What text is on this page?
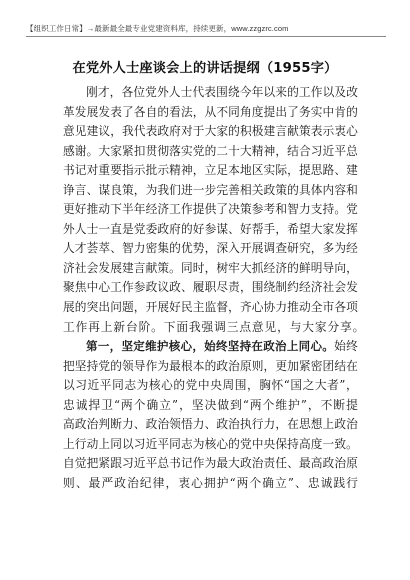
【组织工作日常】→最新最全最专业党建资料库，持续更新，www.zzgzrc.com
在党外人士座谈会上的讲话提纲（1955字）
刚 才 ， 各 位 党 外 人 士 代 表 围 绕 今 年 以 来 的 工 作 以 及 改
革 发 展 发 表 了 各 自 的 看 法 ， 从 不 同 角 度 提 出 了 务 实 中 肯 的
意 见 建 议 ， 我 代 表 政 府 对 于 大 家 的 积 极 建 言 献 策 表 示 衷 心
感 谢 。 大 家 紧 扣 贯 彻 落 实 党 的 二 十 大 精 神 ， 结 合 习 近 平 总
书 记 对 重 要 指 示 批 示 精 神 ， 立 足 本 地 区 实 际 ， 提 思 路 、 建
诤 言 、 谋 良 策 ， 为 我 们 进 一 步 完 善 相 关 政 策 的 具 体 内 容 和
更 好 推 动 下 半 年 经 济 工 作 提 供 了 决 策 参 考 和 智 力 支 持 。 党
外 人 士 一 直 是 党 委 政 府 的 好 参 谋 、 好 帮 手 ， 希 望 大 家 发 挥
人 才 荟 萃 、 智 力 密 集 的 优 势 ， 深 入 开 展 调 查 研 究 ， 多 为 经
济 社 会 发 展 建 言 献 策 。 同 时 ， 树 牢 大 抓 经 济 的 鲜 明 导 向 ，
聚 焦 中 心 工 作 参 政 议 政 、 履 职 尽 责 ， 围 绕 制 约 经 济 社 会 发
展 的 突 出 问 题 ， 开 展 好 民 主 监 督 ， 齐 心 协 力 推 动 全 市 各 项
工 作 再 上 新 台 阶 。 下 面 我 强 调 三 点 意 见 ， 与 大 家 分 享 。
第 一 ， 坚 定 维 护 核 心 ， 始 终 坚 持 在 政 治 上 同 心 。 始 终
把 坚 持 党 的 领 导 作 为 最 根 本 的 政 治 原 则 ， 更 加 紧 密 团 结 在
以 习 近 平 同 志 为 核 心 的 党 中 央 周 围 ， 胸 怀 “ 国 之 大 者 ” ，
忠 诚 捍 卫 “ 两 个 确 立 ” ， 坚 决 做 到 “ 两 个 维 护 ” ， 不 断 提
高 政 治 判 断 力 、 政 治 领 悟 力 、 政 治 执 行 力 ， 在 思 想 上 政 治
上 行 动 上 同 以 习 近 平 同 志 为 核 心 的 党 中 央 保 持 高 度 一 致 。
自 觉 把 紧 跟 习 近 平 总 书 记 作 为 最 大 政 治 责 任 、 最 高 政 治 原
则 、 最 严 政 治 纪 律 ， 衷 心 拥 护 “ 两 个 确 立 ” 、 忠 诚 践 行
